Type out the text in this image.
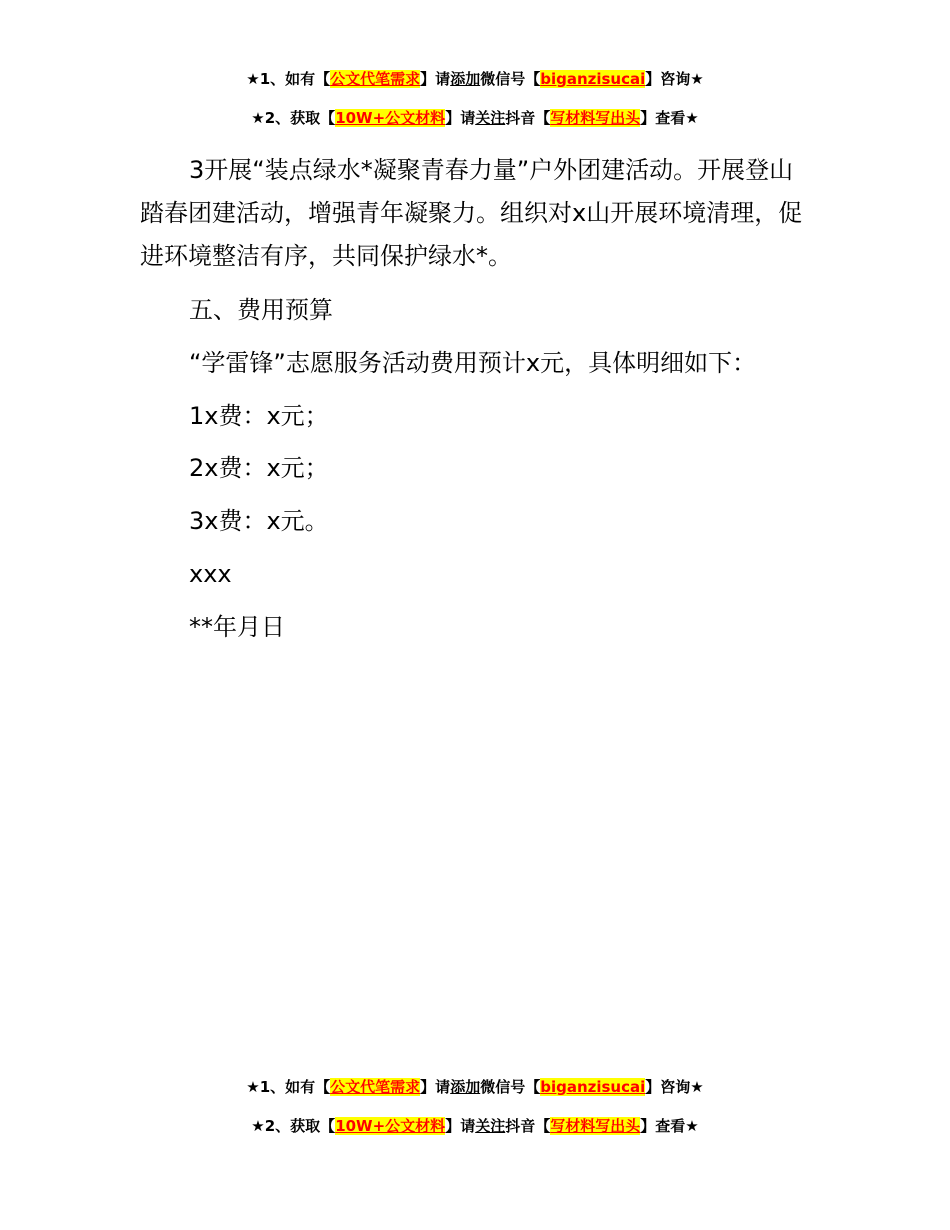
★1、如有【公文代笔需求】请添加微信号【biganzisucai】咨询★
★2、获取【10W+公文材料】请关注抖音【写材料写出头】查看★

3开展“装点绿水*凝聚青春力量”户外团建活动。开展登山踏春团建活动，增强青年凝聚力。组织对x山开展环境清理，促进环境整洁有序，共同保护绿水*。

五、费用预算
“学雷锋”志愿服务活动费用预计x元，具体明细如下：
1x费：x元；
2x费：x元；
3x费：x元。
xxx
**年月日
★1、如有【公文代笔需求】请添加微信号【biganzisucai】咨询★
★2、获取【10W+公文材料】请关注抖音【写材料写出头】查看★
